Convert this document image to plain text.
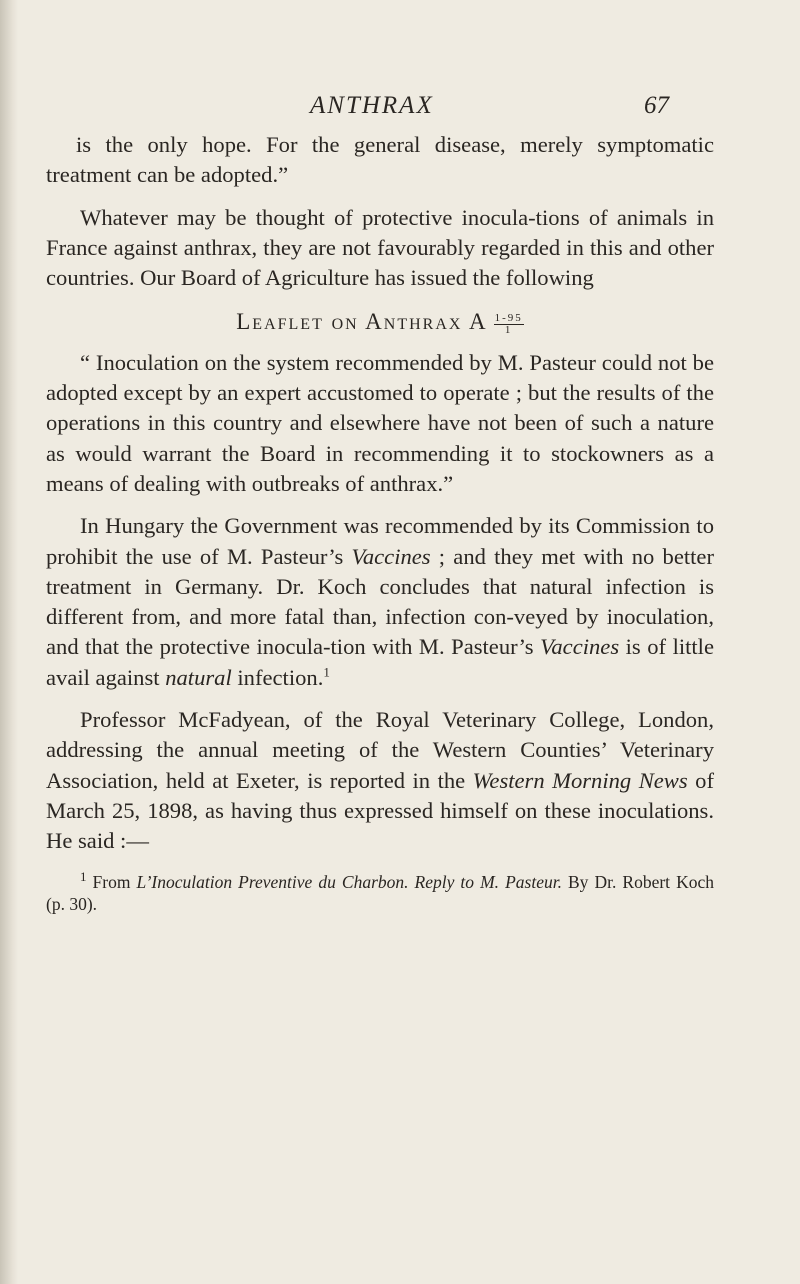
ANTHRAX	67

is the only hope. For the general disease, merely symptomatic treatment can be adopted.”

Whatever may be thought of protective inocula-tions of animals in France against anthrax, they are not favourably regarded in this and other countries. Our Board of Agriculture has issued the following

Leaflet on Anthrax A $\frac{1-95}{1}$

“ Inoculation on the system recommended by M. Pasteur could not be adopted except by an expert accustomed to operate ; but the results of the operations in this country and elsewhere have not been of such a nature as would warrant the Board in recommending it to stockowners as a means of dealing with outbreaks of anthrax.”

In Hungary the Government was recommended by its Commission to prohibit the use of M. Pasteur’s Vaccines ; and they met with no better treatment in Germany. Dr. Koch concludes that natural infection is different from, and more fatal than, infection con-veyed by inoculation, and that the protective inocula-tion with M. Pasteur’s Vaccines is of little avail against natural infection.$^1$

Professor McFadyean, of the Royal Veterinary College, London, addressing the annual meeting of the Western Counties’ Veterinary Association, held at Exeter, is reported in the Western Morning News of March 25, 1898, as having thus expressed himself on these inoculations. He said :—

$^1$ From L’Inoculation Preventive du Charbon. Reply to M. Pasteur. By Dr. Robert Koch (p. 30).
